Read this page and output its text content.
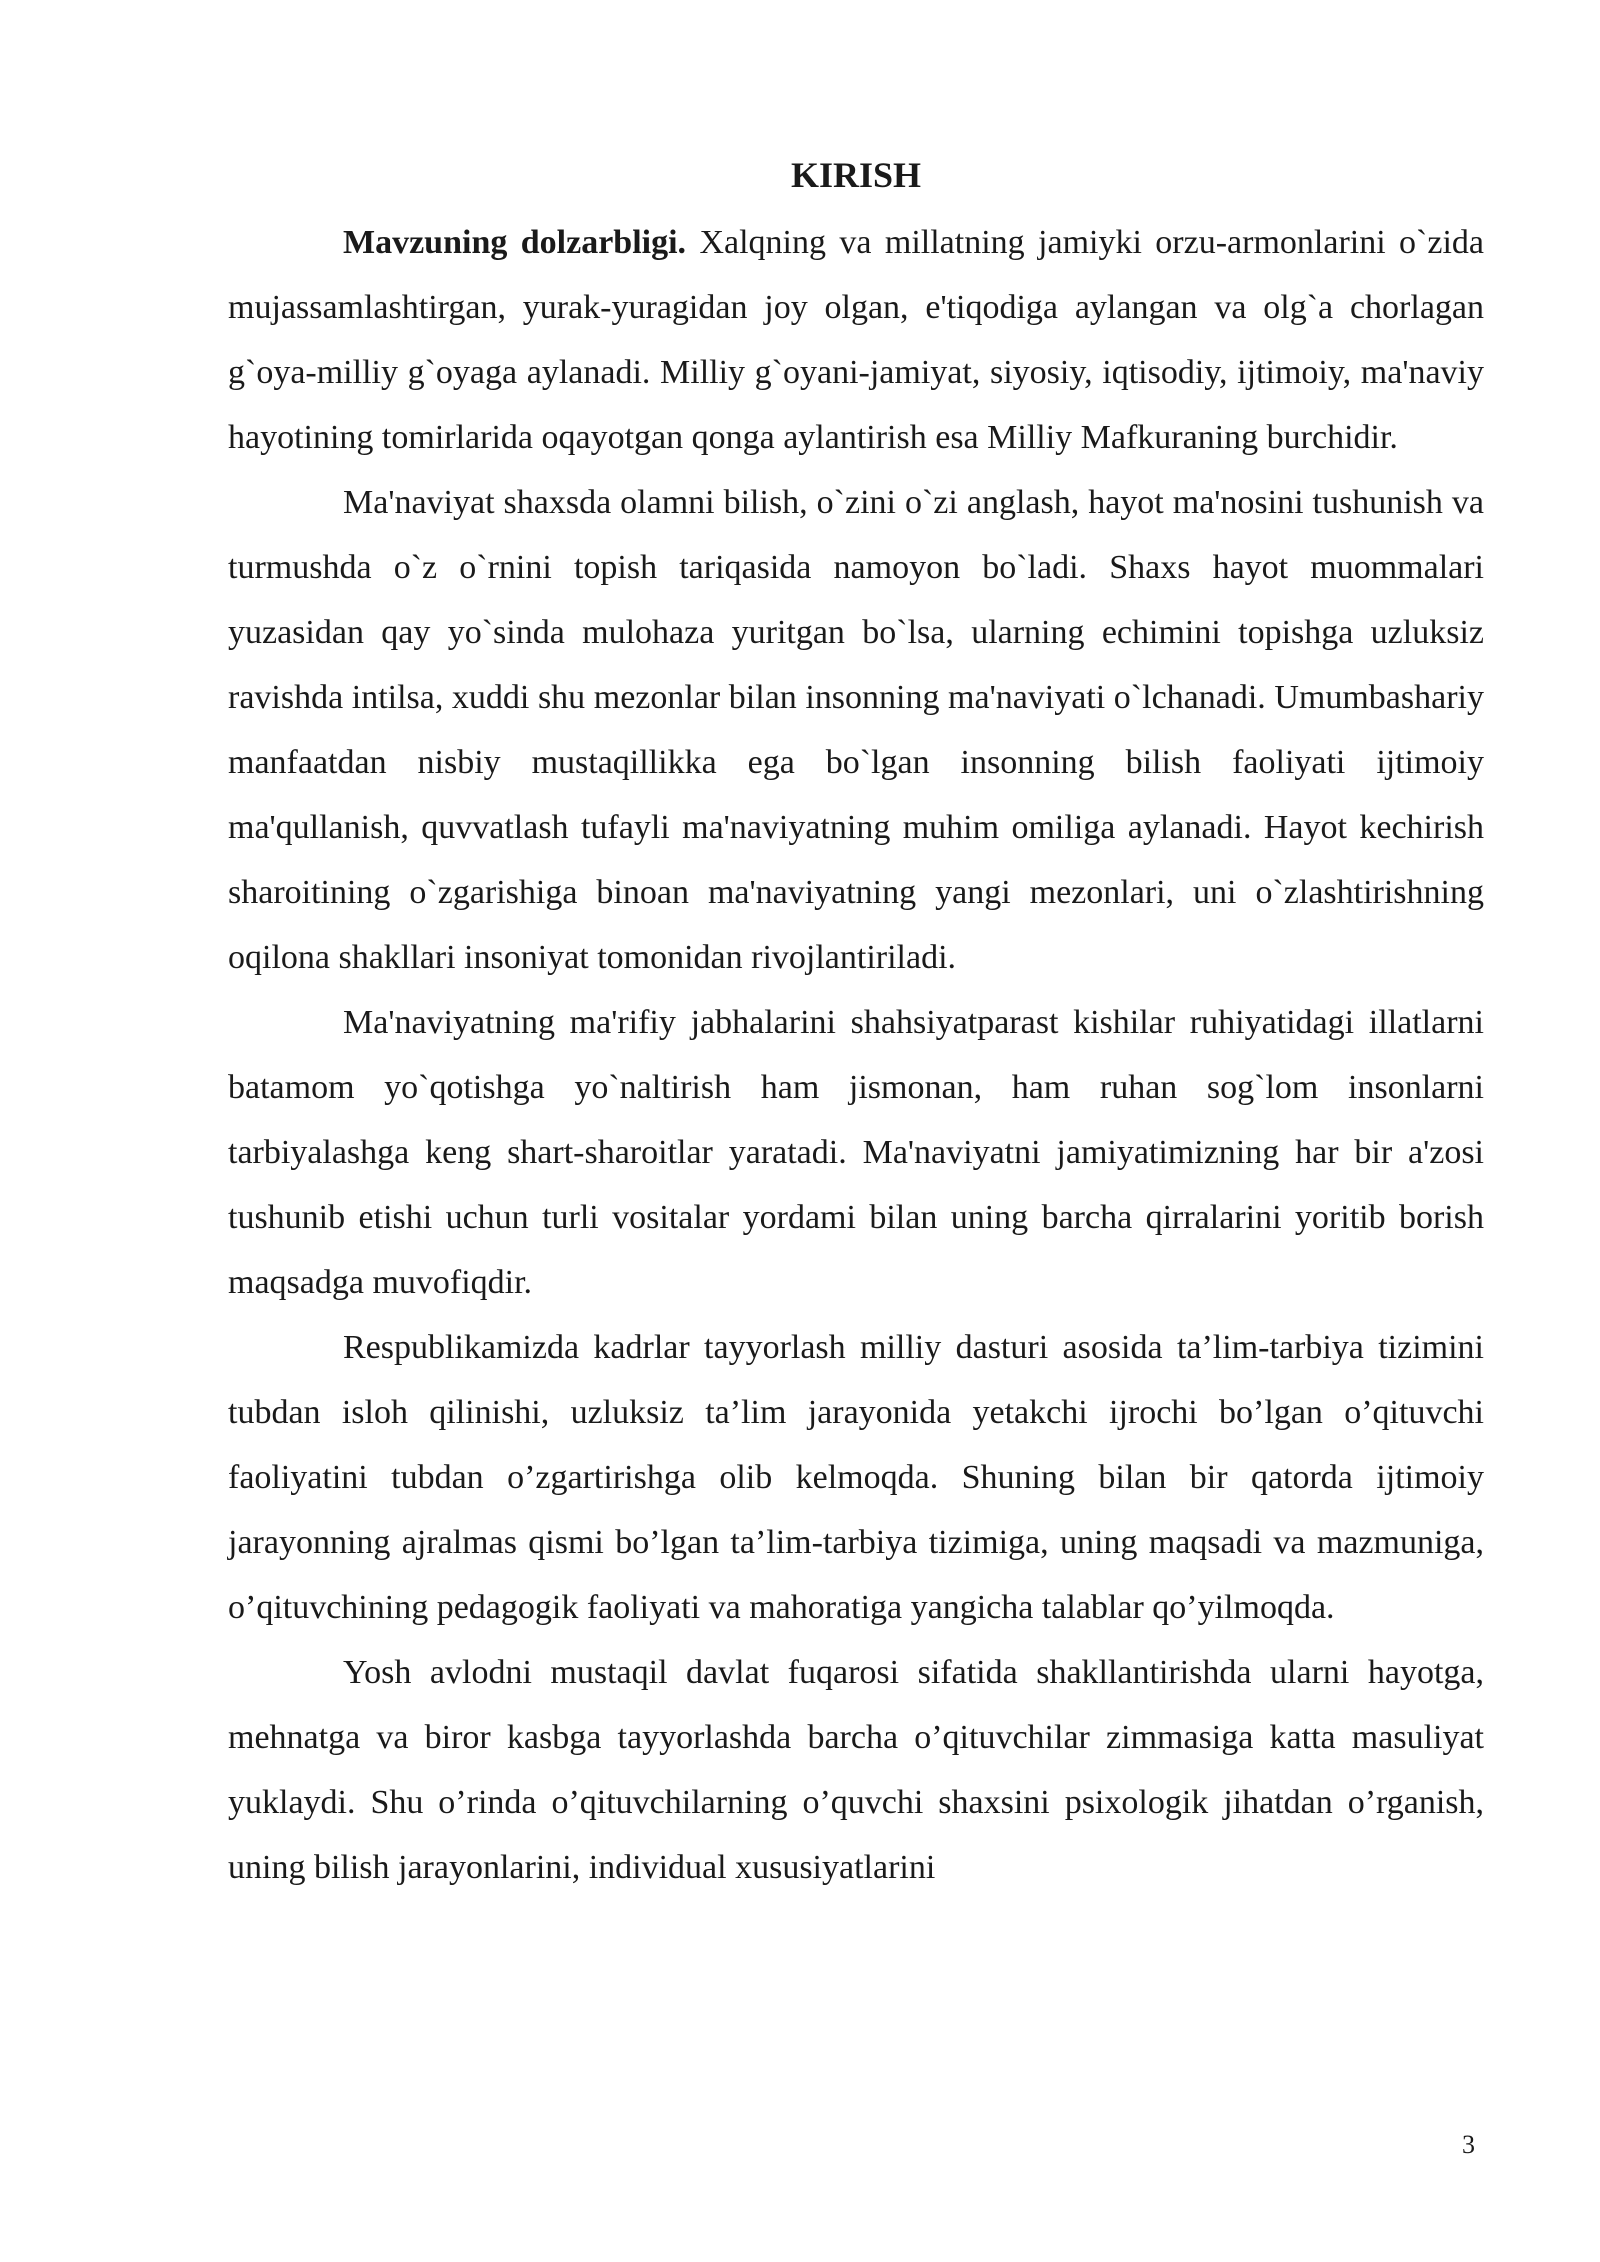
KIRISH

Mavzuning dolzarbligi. Xalqning va millatning jamiyki orzu-armonlarini o`zida mujassamlashtirgan, yurak-yuragidan joy olgan, e'tiqodiga aylangan va olg`a chorlagan g`oya-milliy g`oyaga aylanadi. Milliy g`oyani-jamiyat, siyosiy, iqtisodiy, ijtimoiy, ma'naviy hayotining tomirlarida oqayotgan qonga aylantirish esa Milliy Mafkuraning burchidir.

Ma'naviyat shaxsda olamni bilish, o`zini o`zi anglash, hayot ma'nosini tushunish va turmushda o`z o`rnini topish tariqasida namoyon bo`ladi. Shaxs hayot muommalari yuzasidan qay yo`sinda mulohaza yuritgan bo`lsa, ularning echimini topishga uzluksiz ravishda intilsa, xuddi shu mezonlar bilan insonning ma'naviyati o`lchanadi. Umumbashariy manfaatdan nisbiy mustaqillikka ega bo`lgan insonning bilish faoliyati ijtimoiy ma'qullanish, quvvatlash tufayli ma'naviyatning muhim omiliga aylanadi. Hayot kechirish sharoitining o`zgarishiga binoan ma'naviyatning yangi mezonlari, uni o`zlashtirishning oqilona shakllari insoniyat tomonidan rivojlantiriladi.

Ma'naviyatning ma'rifiy jabhalarini shahsiyatparast kishilar ruhiyatidagi illatlarni batamom yo`qotishga yo`naltirish ham jismonan, ham ruhan sog`lom insonlarni tarbiyalashga keng shart-sharoitlar yaratadi. Ma'naviyatni jamiyatimizning har bir a'zosi tushunib etishi uchun turli vositalar yordami bilan uning barcha qirralarini yoritib borish maqsadga muvofiqdir.

Respublikamizda kadrlar tayyorlash milliy dasturi asosida ta’lim-tarbiya tizimini tubdan isloh qilinishi, uzluksiz ta’lim jarayonida yetakchi ijrochi bo’lgan o’qituvchi faoliyatini tubdan o’zgartirishga olib kelmoqda. Shuning bilan bir qatorda ijtimoiy jarayonning ajralmas qismi bo’lgan ta’lim-tarbiya tizimiga, uning maqsadi va mazmuniga, o’qituvchining pedagogik faoliyati va mahoratiga yangicha talablar qo’yilmoqda.

Yosh avlodni mustaqil davlat fuqarosi sifatida shakllantirishda ularni hayotga, mehnatga va biror kasbga tayyorlashda barcha o’qituvchilar zimmasiga katta masuliyat yuklaydi. Shu o’rinda o’qituvchilarning o’quvchi shaxsini psixologik jihatdan o’rganish, uning bilish jarayonlarini, individual xususiyatlarini

3
